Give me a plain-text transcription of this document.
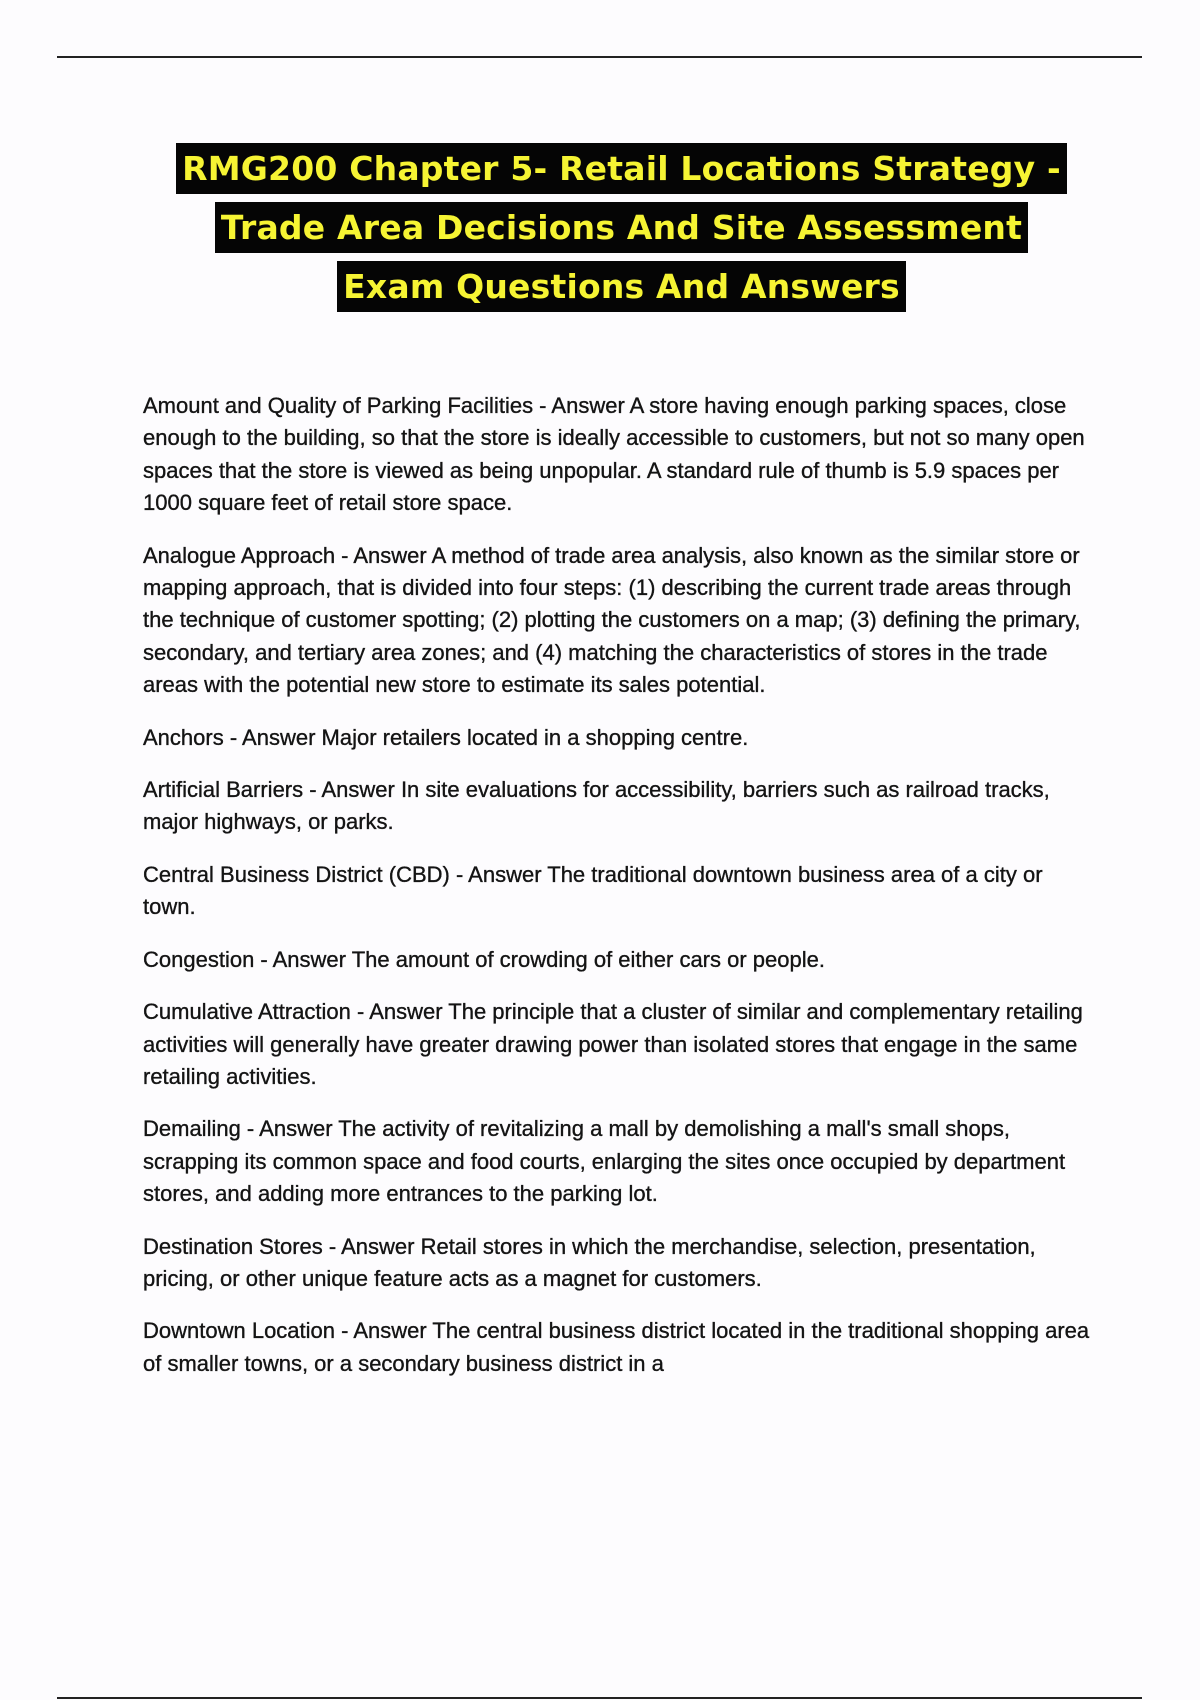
RMG200 Chapter 5- Retail Locations Strategy -
Trade Area Decisions And Site Assessment
Exam Questions And Answers

Amount and Quality of Parking Facilities - Answer A store having enough parking spaces, close enough to the building, so that the store is ideally accessible to customers, but not so many open spaces that the store is viewed as being unpopular. A standard rule of thumb is 5.9 spaces per 1000 square feet of retail store space.

Analogue Approach - Answer A method of trade area analysis, also known as the similar store or mapping approach, that is divided into four steps: (1) describing the current trade areas through the technique of customer spotting; (2) plotting the customers on a map; (3) defining the primary, secondary, and tertiary area zones; and (4) matching the characteristics of stores in the trade areas with the potential new store to estimate its sales potential.

Anchors - Answer Major retailers located in a shopping centre.

Artificial Barriers - Answer In site evaluations for accessibility, barriers such as railroad tracks, major highways, or parks.

Central Business District (CBD) - Answer The traditional downtown business area of a city or town.

Congestion - Answer The amount of crowding of either cars or people.

Cumulative Attraction - Answer The principle that a cluster of similar and complementary retailing activities will generally have greater drawing power than isolated stores that engage in the same retailing activities.

Demailing - Answer The activity of revitalizing a mall by demolishing a mall's small shops, scrapping its common space and food courts, enlarging the sites once occupied by department stores, and adding more entrances to the parking lot.

Destination Stores - Answer Retail stores in which the merchandise, selection, presentation, pricing, or other unique feature acts as a magnet for customers.

Downtown Location - Answer The central business district located in the traditional shopping area of smaller towns, or a secondary business district in a
